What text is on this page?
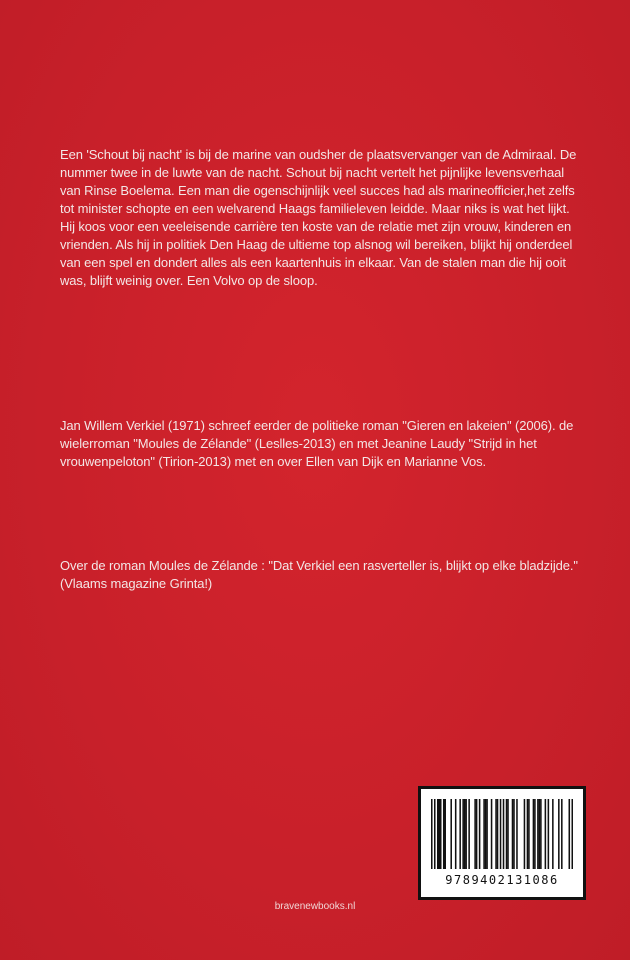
Een 'Schout bij nacht' is bij de marine van oudsher de plaatsvervanger van de Admiraal. De nummer twee in de luwte van de nacht. Schout bij nacht vertelt het pijnlijke levensverhaal van Rinse Boelema. Een man die ogenschijnlijk veel succes had als marineofficier,het zelfs tot minister schopte en een welvarend Haags familieleven leidde. Maar niks is wat het lijkt. Hij koos voor een veeleisende carrière ten koste van de relatie met zijn vrouw, kinderen en vrienden. Als hij in politiek Den Haag de ultieme top alsnog wil bereiken, blijkt hij onderdeel van een spel en dondert alles als een kaartenhuis in elkaar. Van de stalen man die hij ooit was, blijft weinig over. Een Volvo op de sloop.

Jan Willem Verkiel (1971) schreef eerder de politieke roman "Gieren en lakeien" (2006). de wielerroman "Moules de Zélande" (Leslles-2013) en met Jeanine Laudy "Strijd in het vrouwenpeloton" (Tirion-2013) met en over Ellen van Dijk en Marianne Vos.

Over de roman Moules de Zélande : "Dat Verkiel een rasverteller is, blijkt op elke bladzijde." (Vlaams magazine Grinta!)

9789402131086
bravenewbooks.nl
